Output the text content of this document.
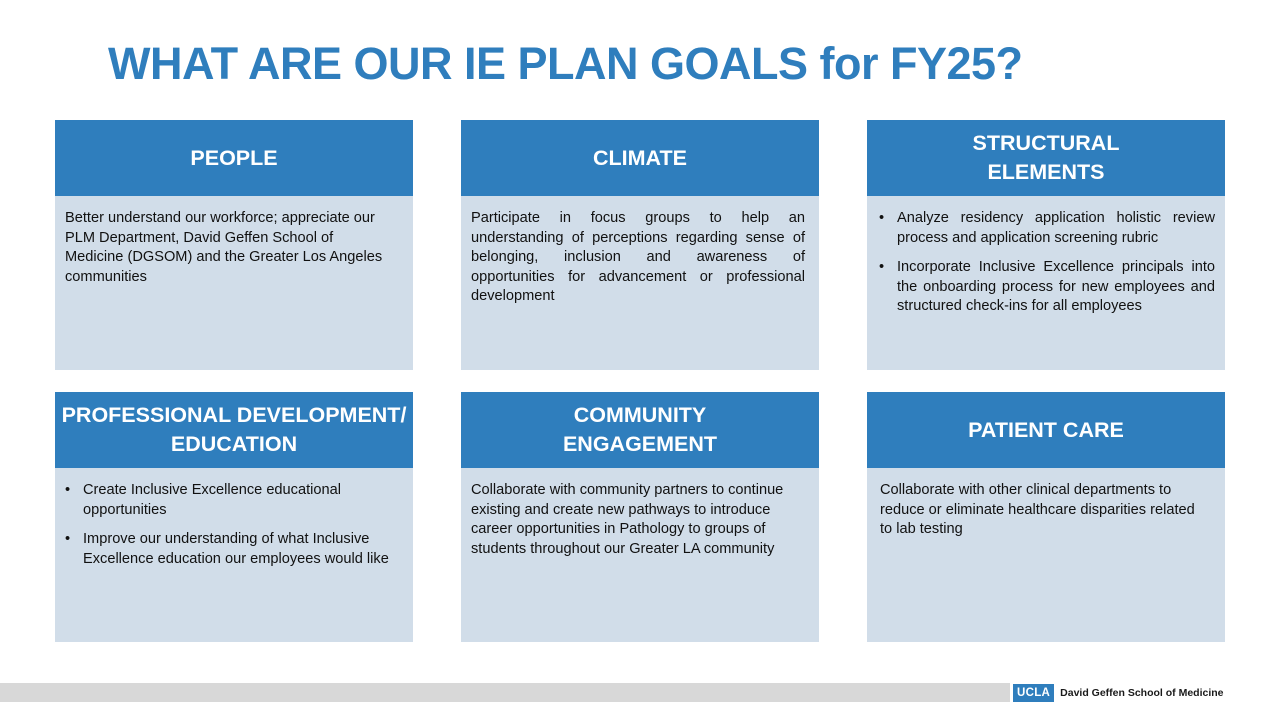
WHAT ARE OUR IE PLAN GOALS for FY25?
PEOPLE
Better understand our workforce; appreciate our PLM Department, David Geffen School of Medicine (DGSOM) and the Greater Los Angeles communities
CLIMATE
Participate in focus groups to help an understanding of perceptions regarding sense of belonging, inclusion and awareness of opportunities for advancement or professional development
STRUCTURAL ELEMENTS
• Analyze residency application holistic review process and application screening rubric
• Incorporate Inclusive Excellence principals into the onboarding process for new employees and structured check-ins for all employees
PROFESSIONAL DEVELOPMENT/ EDUCATION
• Create Inclusive Excellence educational opportunities
• Improve our understanding of what Inclusive Excellence education our employees would like
COMMUNITY ENGAGEMENT
Collaborate with community partners to continue existing and create new pathways to introduce career opportunities in Pathology to groups of students throughout our Greater LA community
PATIENT CARE
Collaborate with other clinical departments to reduce or eliminate healthcare disparities related to lab testing
UCLA David Geffen School of Medicine
